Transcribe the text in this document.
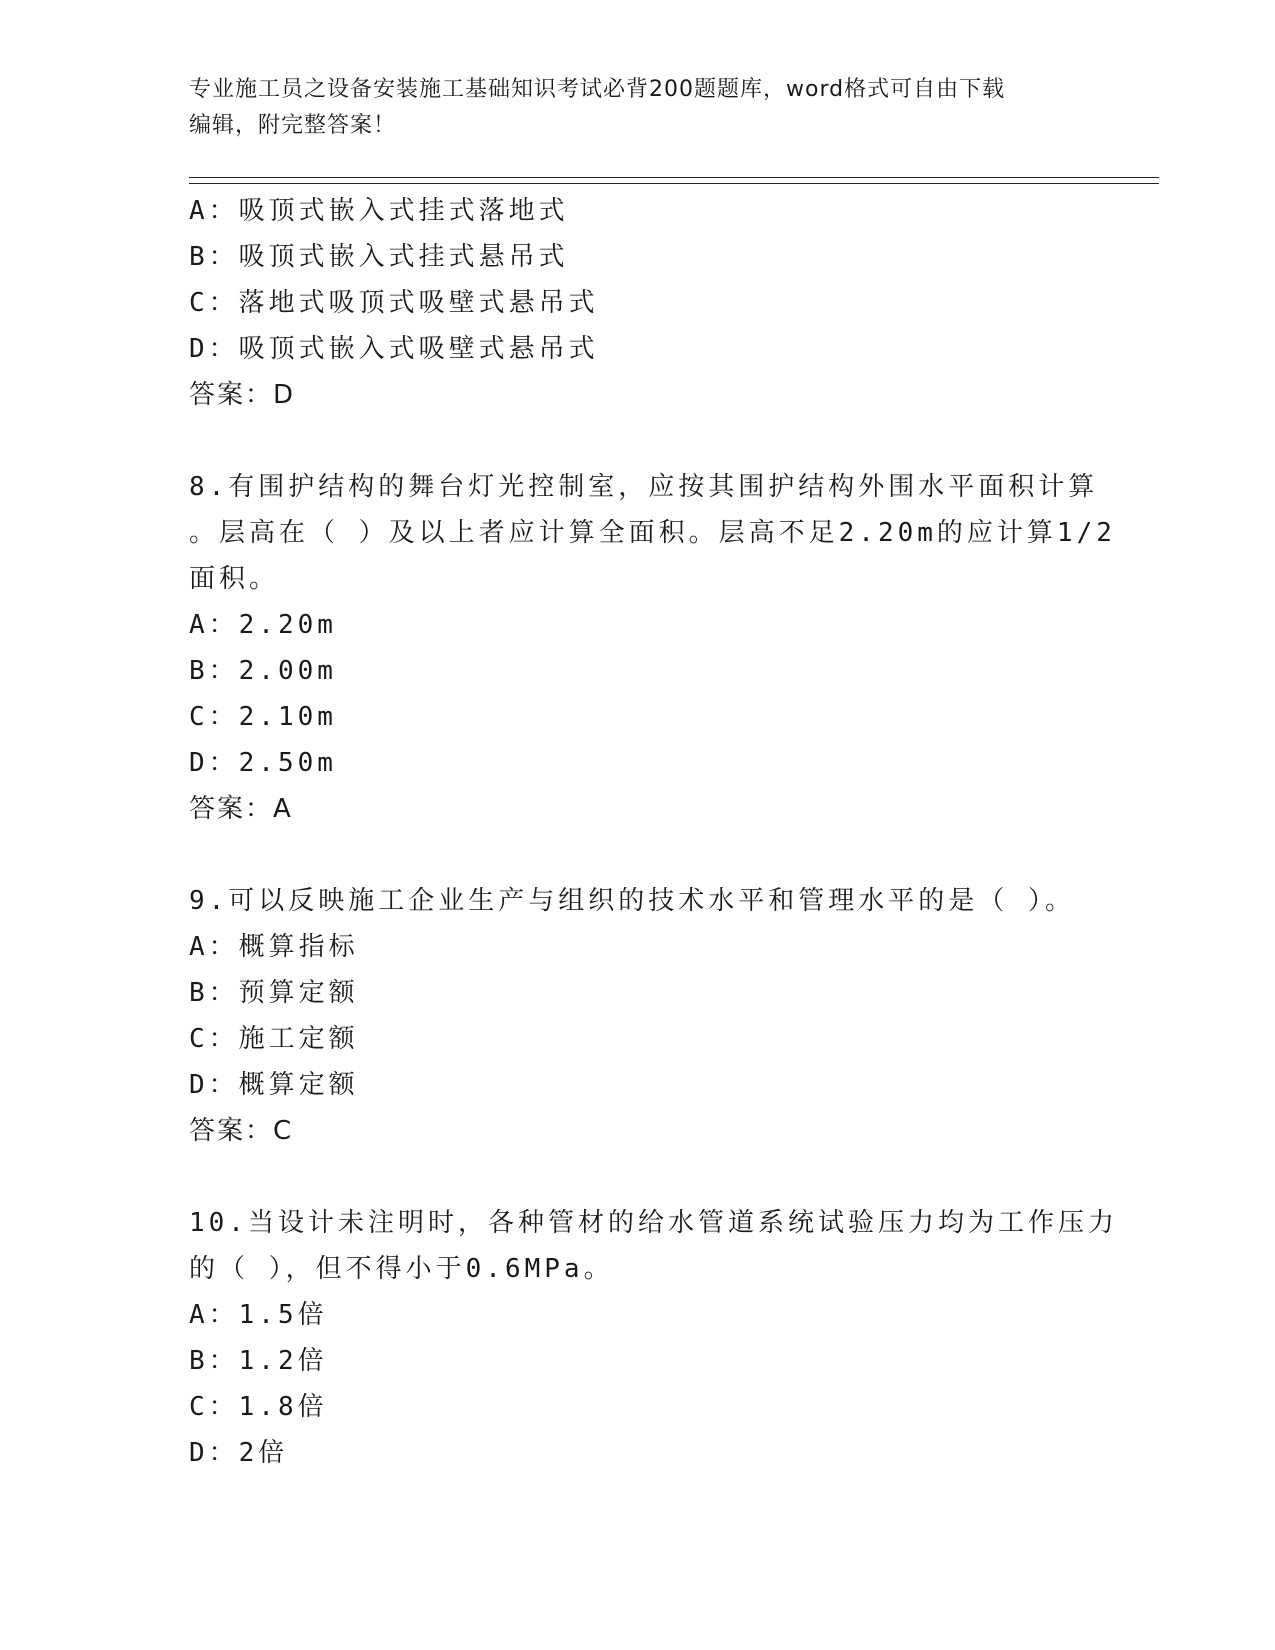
专业施工员之设备安装施工基础知识考试必背200题题库，word格式可自由下载
编辑，附完整答案！
A：吸顶式嵌入式挂式落地式
B：吸顶式嵌入式挂式悬吊式
C：落地式吸顶式吸壁式悬吊式
D：吸顶式嵌入式吸壁式悬吊式
答案：D
8.有围护结构的舞台灯光控制室，应按其围护结构外围水平面积计算
。层高在（ ）及以上者应计算全面积。层高不足2.20m的应计算1/2
面积。
A：2.20m
B：2.00m
C：2.10m
D：2.50m
答案：A
9.可以反映施工企业生产与组织的技术水平和管理水平的是（ ）。
A：概算指标
B：预算定额
C：施工定额
D：概算定额
答案：C
10.当设计未注明时，各种管材的给水管道系统试验压力均为工作压力
的（ ），但不得小于0.6MPa。
A：1.5倍
B：1.2倍
C：1.8倍
D：2倍
